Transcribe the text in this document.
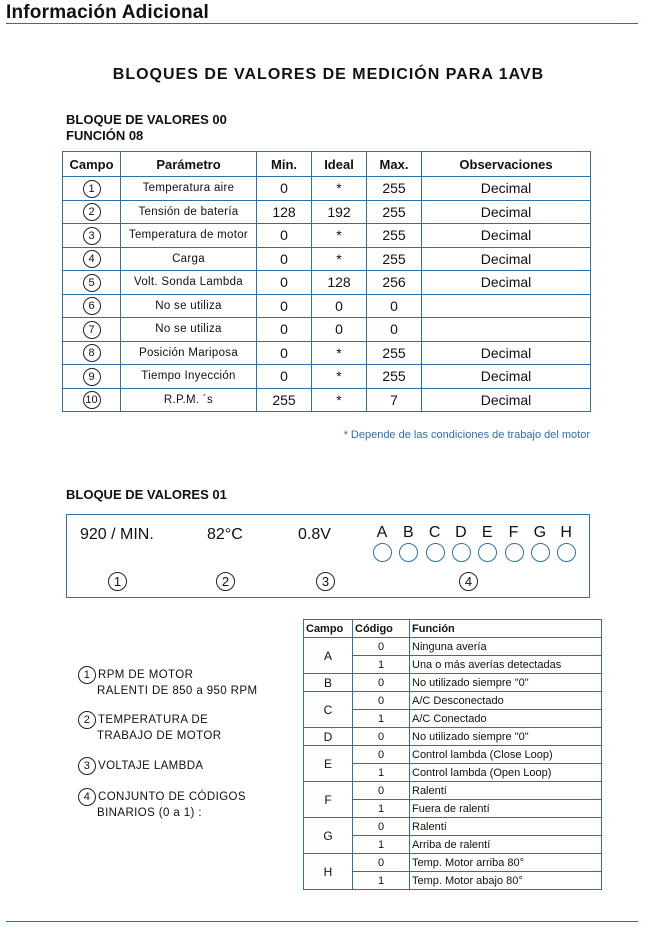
Información Adicional
BLOQUES DE VALORES DE MEDICIÓN PARA 1AVB
BLOQUE DE VALORES 00
FUNCIÓN 08
Campo	Parámetro	Min.	Ideal	Max.	Observaciones
1	Temperatura aire	0	*	255	Decimal
2	Tensión de batería	128	192	255	Decimal
3	Temperatura de motor	0	*	255	Decimal
4	Carga	0	*	255	Decimal
5	Volt. Sonda Lambda	0	128	256	Decimal
6	No se utiliza	0	0	0	
7	No se utiliza	0	0	0	
8	Posición Mariposa	0	*	255	Decimal
9	Tiempo Inyección	0	*	255	Decimal
10	R.P.M. ´s	255	*	7	Decimal
* Depende de las condiciones de trabajo del motor
BLOQUE DE VALORES 01
920 / MIN.	82°C	0.8V	A B C D E	F G H
1	2	3	4
1 RPM DE MOTOR
RALENTI DE 850 a 950 RPM
2 TEMPERATURA DE
TRABAJO DE MOTOR
3 VOLTAJE LAMBDA
4 CONJUNTO DE CÓDIGOS
BINARIOS (0 a 1) :
Campo	Código	Función
A	0	Ninguna avería
	1	Una o más averías detectadas
B	0	No utilizado siempre "0"
C	0	A/C Desconectado
	1	A/C Conectado
D	0	No utilizado siempre "0"
E	0	Control lambda (Close Loop)
	1	Control lambda (Open Loop)
F	0	Ralentí
	1	Fuera de ralentí
G	0	Ralentí
	1	Arriba de ralentí
H	0	Temp. Motor arriba 80°
	1	Temp. Motor abajo 80°
